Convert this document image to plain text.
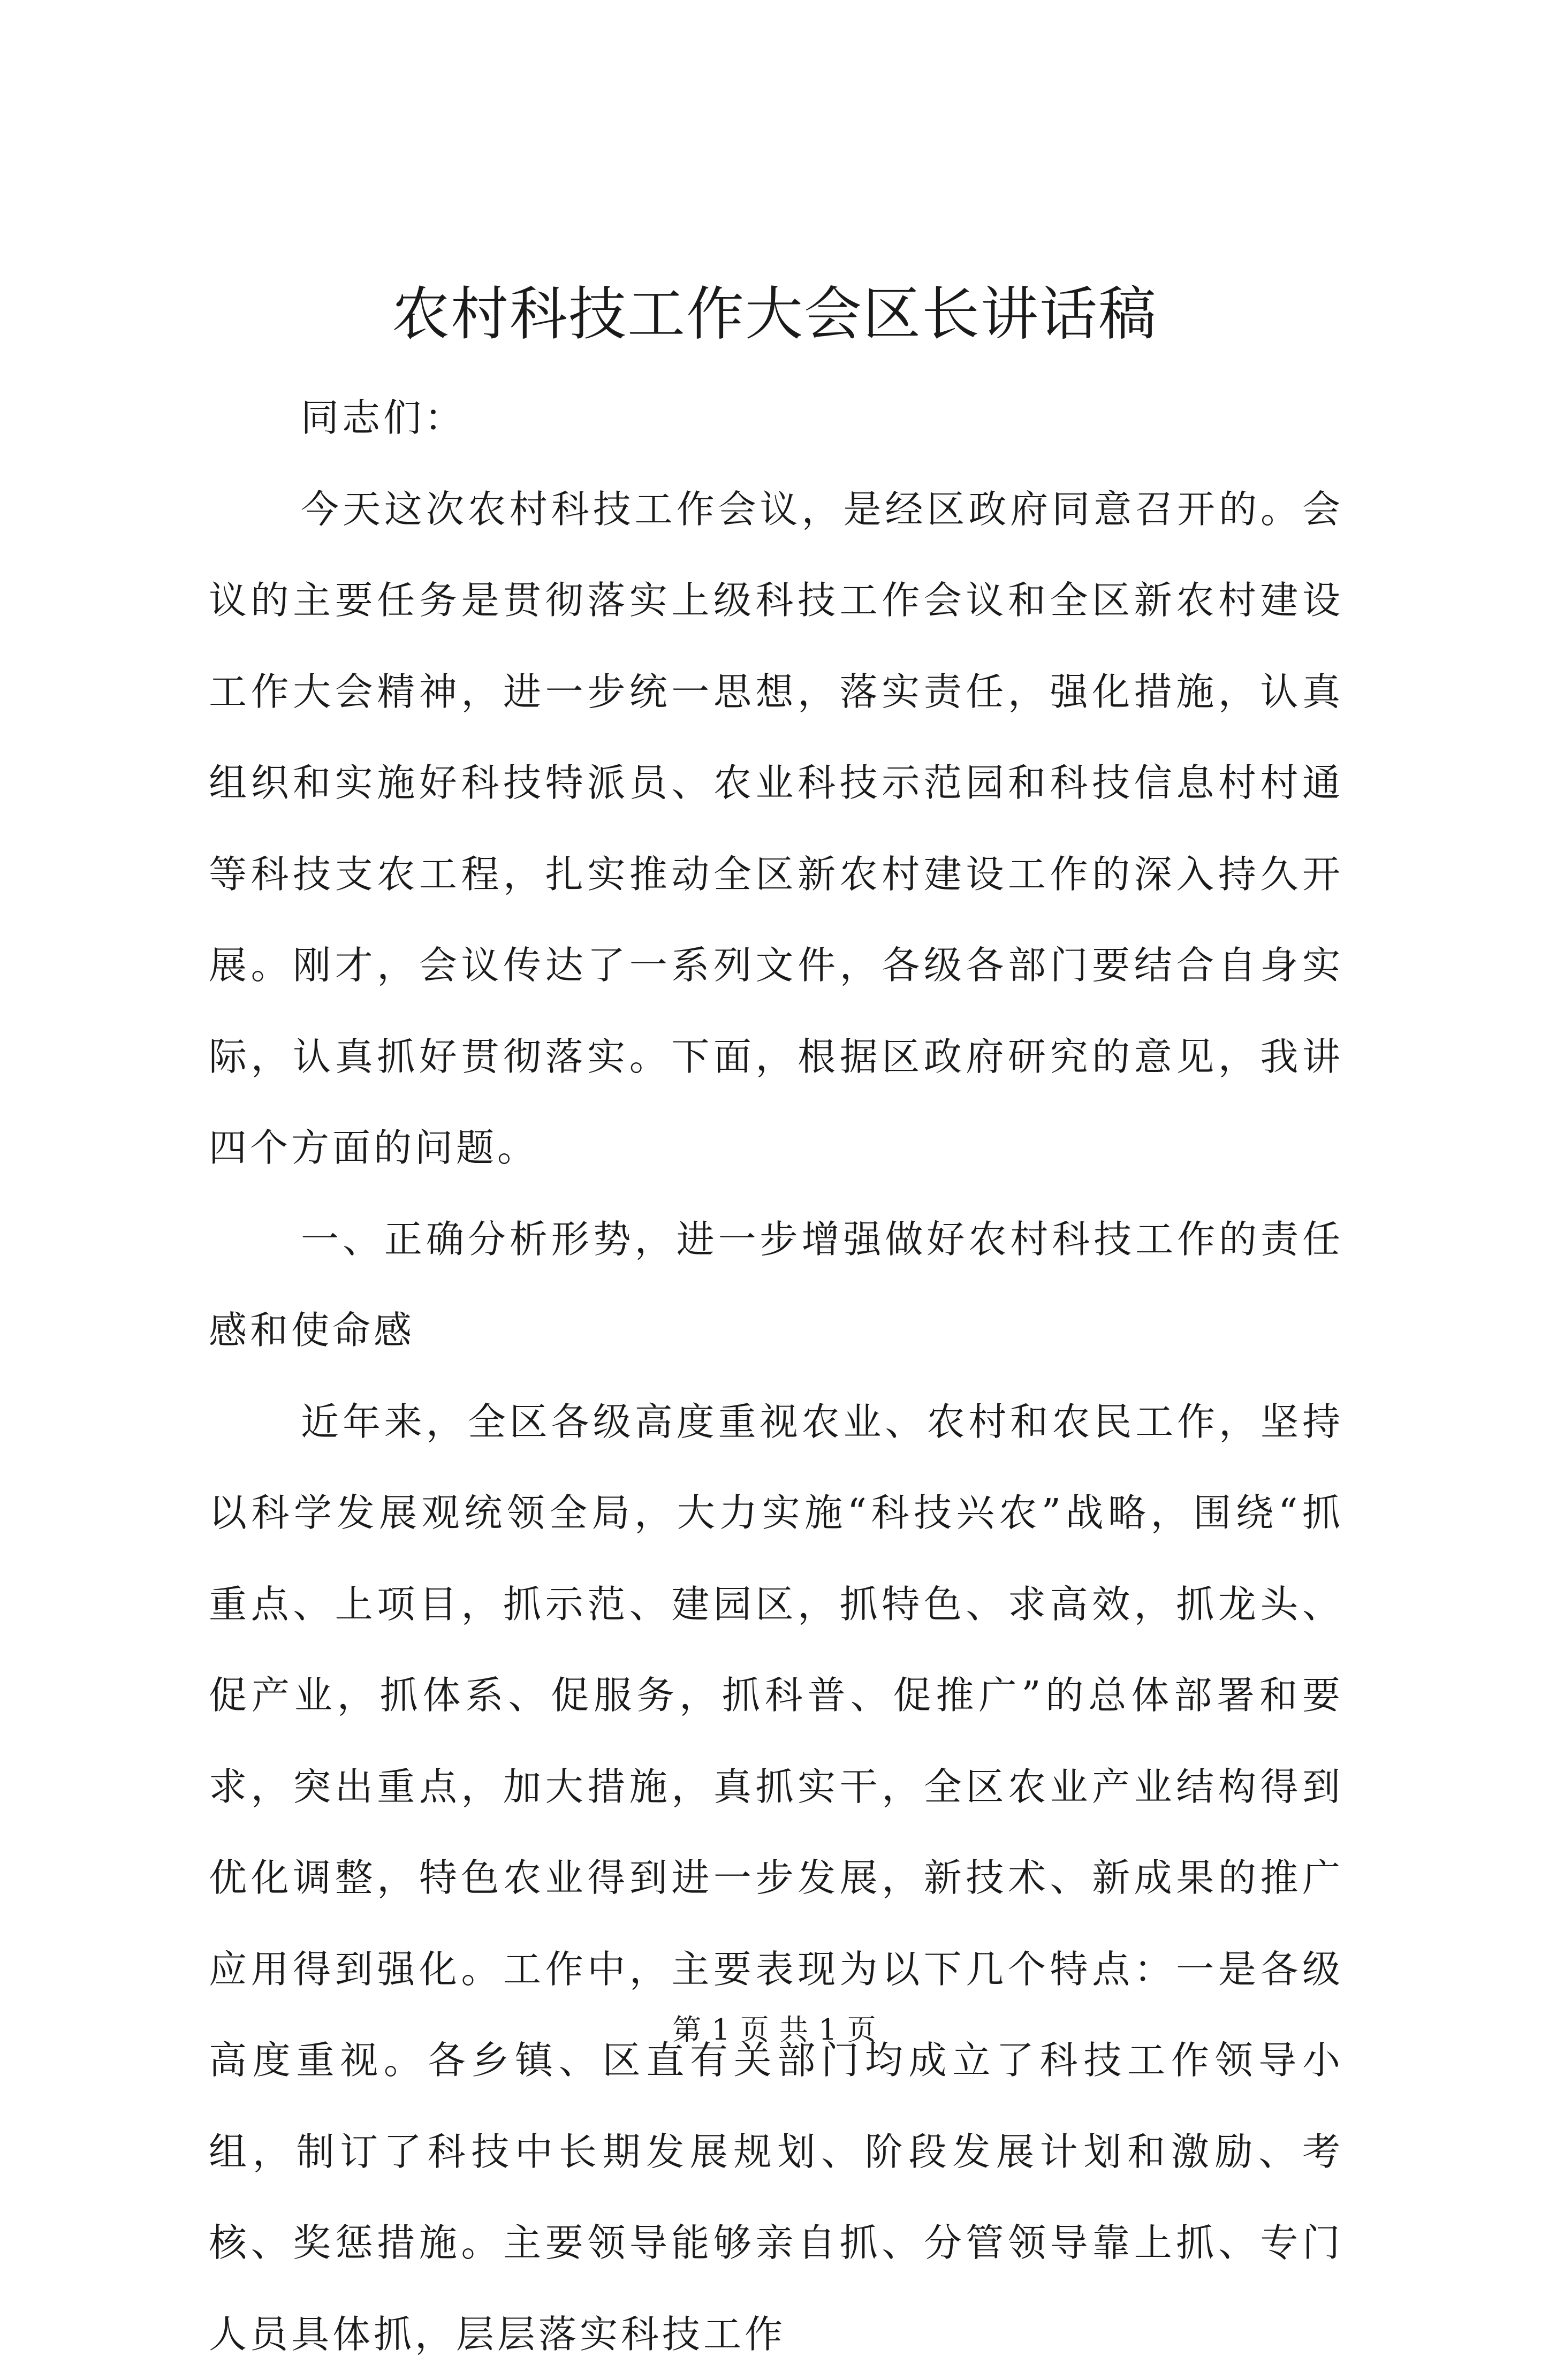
农村科技工作大会区长讲话稿

同志们：

今天这次农村科技工作会议，是经区政府同意召开的。会议的主要任务是贯彻落实上级科技工作会议和全区新农村建设工作大会精神，进一步统一思想，落实责任，强化措施，认真组织和实施好科技特派员、农业科技示范园和科技信息村村通等科技支农工程，扎实推动全区新农村建设工作的深入持久开展。刚才，会议传达了一系列文件，各级各部门要结合自身实际，认真抓好贯彻落实。下面，根据区政府研究的意见，我讲四个方面的问题。

一、正确分析形势，进一步增强做好农村科技工作的责任感和使命感

近年来，全区各级高度重视农业、农村和农民工作，坚持以科学发展观统领全局，大力实施“科技兴农”战略，围绕“抓重点、上项目，抓示范、建园区，抓特色、求高效，抓龙头、促产业，抓体系、促服务，抓科普、促推广”的总体部署和要求，突出重点，加大措施，真抓实干，全区农业产业结构得到优化调整，特色农业得到进一步发展，新技术、新成果的推广应用得到强化。工作中，主要表现为以下几个特点：一是各级高度重视。各乡镇、区直有关部门均成立了科技工作领导小组，制订了科技中长期发展规划、阶段发展计划和激励、考核、奖惩措施。主要领导能够亲自抓、分管领导靠上抓、专门人员具体抓，层层落实科技工作

第 1 页 共 1 页
